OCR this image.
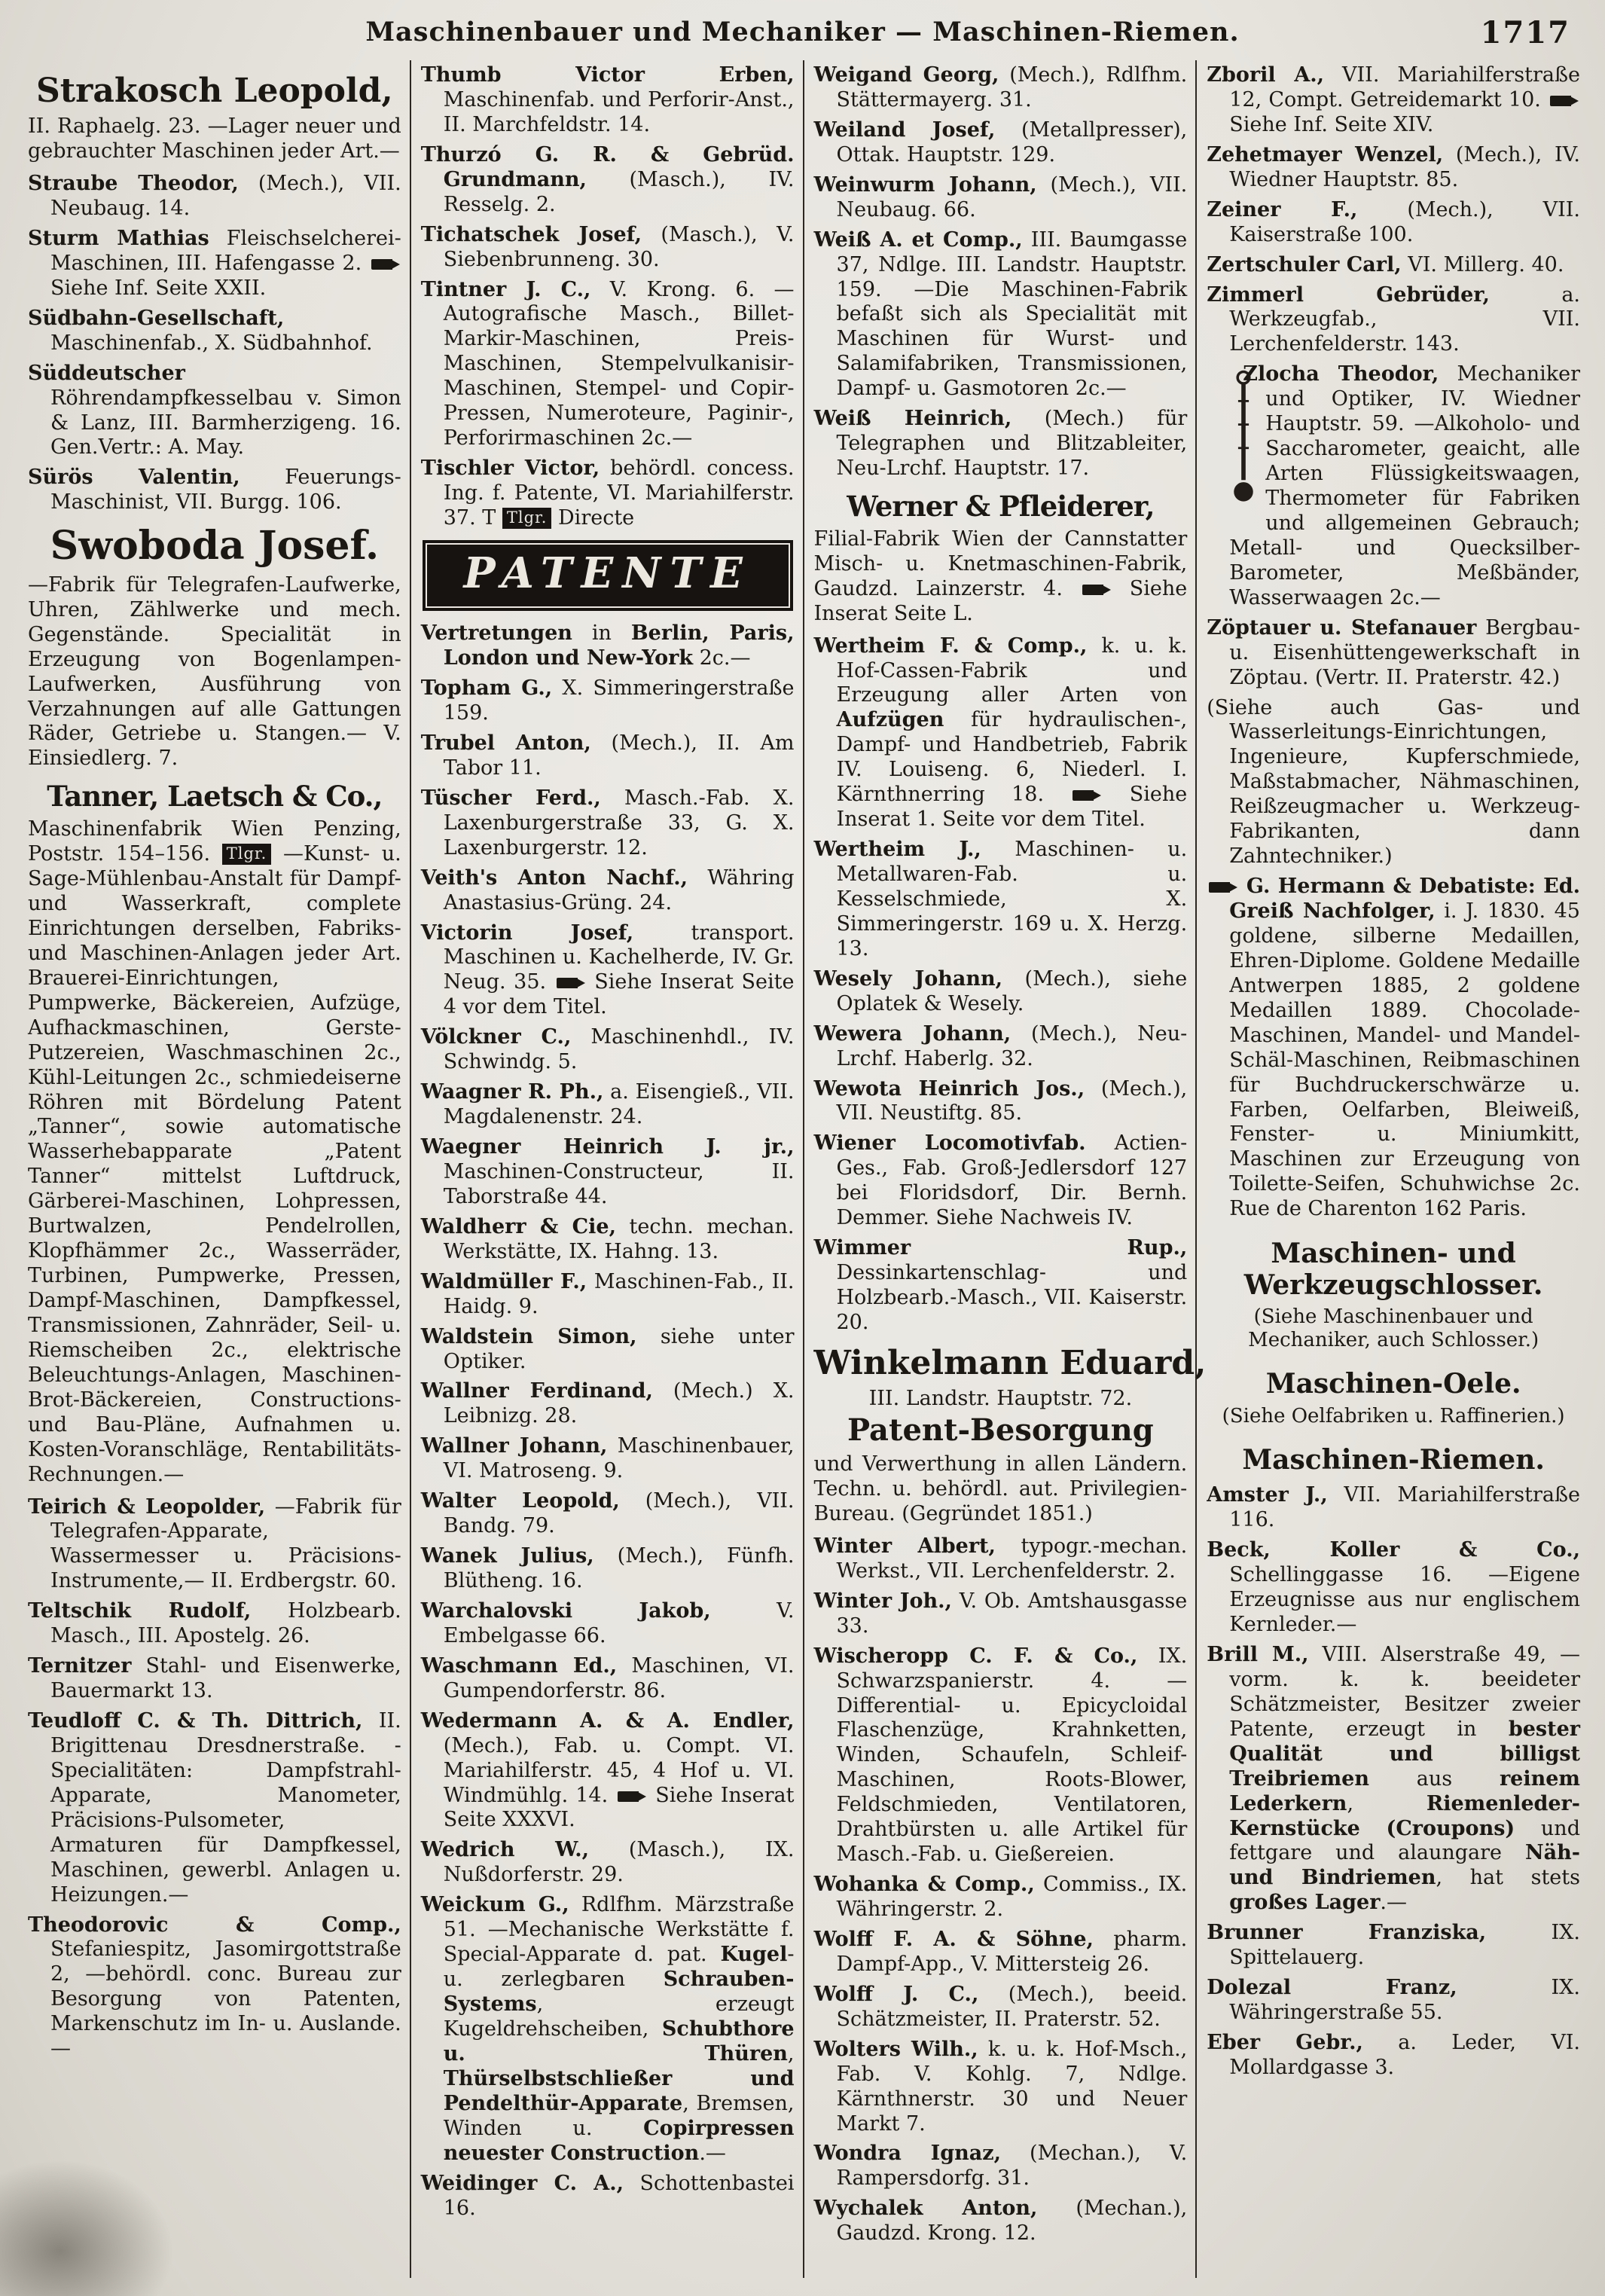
Maschinenbauer und Mechaniker — Maschinen-Riemen.	1717
Strakosch Leopold,
II. Raphaelg. 23. —Lager neuer und gebrauchter Maschinen jeder Art.—
Straube Theodor, (Mech.), VII. Neubaug. 14.
Sturm Mathias Fleischselcherei-Maschinen, III. Hafengasse 2.  Siehe Inf. Seite XXII.
Südbahn-Gesellschaft, Maschinenfab., X. Südbahnhof.
Süddeutscher Röhrendampfkesselbau v. Simon & Lanz, III. Barmherzigeng. 16. Gen.Vertr.: A. May.
Sürös Valentin, Feuerungs-Maschinist, VII. Burgg. 106.
Swoboda Josef.
—Fabrik für Telegrafen-Laufwerke, Uhren, Zählwerke und mech. Gegenstände. Specialität in Erzeugung von Bogenlampen-Laufwerken, Ausführung von Verzahnungen auf alle Gattungen Räder, Getriebe u. Stangen.— V. Einsiedlerg. 7.
Tanner, Laetsch & Co.,
Maschinenfabrik Wien Penzing, Poststr. 154–156. Tlgr. —Kunst- u. Sage-Mühlenbau-Anstalt für Dampf- und Wasserkraft, complete Einrichtungen derselben, Fabriks- und Maschinen-Anlagen jeder Art. Brauerei-Einrichtungen, Pumpwerke, Bäckereien, Aufzüge, Aufhackmaschinen, Gerste-Putzereien, Waschmaschinen 2c., Kühl-Leitungen 2c., schmiedeiserne Röhren mit Bördelung Patent „Tanner“, sowie automatische Wasserhebapparate „Patent Tanner“ mittelst Luftdruck, Gärberei-Maschinen, Lohpressen, Burtwalzen, Pendelrollen, Klopfhämmer 2c., Wasserräder, Turbinen, Pumpwerke, Pressen, Dampf-Maschinen, Dampfkessel, Transmissionen, Zahnräder, Seil- u. Riemscheiben 2c., elektrische Beleuchtungs-Anlagen, Maschinen-Brot-Bäckereien, Constructions- und Bau-Pläne, Aufnahmen u. Kosten-Voranschläge, Rentabilitäts-Rechnungen.—
Teirich & Leopolder, —Fabrik für Telegrafen-Apparate, Wassermesser u. Präcisions-Instrumente,— II. Erdbergstr. 60.
Teltschik Rudolf, Holzbearb. Masch., III. Apostelg. 26.
Ternitzer Stahl- und Eisenwerke, Bauermarkt 13.
Teudloff C. & Th. Dittrich, II. Brigittenau Dresdnerstraße. -Specialitäten: Dampfstrahl-Apparate, Manometer, Präcisions-Pulsometer, Armaturen für Dampfkessel, Maschinen, gewerbl. Anlagen u. Heizungen.—
Theodorovic & Comp., Stefaniespitz, Jasomirgottstraße 2, —behördl. conc. Bureau zur Besorgung von Patenten, Markenschutz im In- u. Auslande.—
Thumb Victor Erben, Maschinenfab. und Perforir-Anst., II. Marchfeldstr. 14.
Thurzó G. R. & Gebrüd. Grundmann, (Masch.), IV. Resselg. 2.
Tichatschek Josef, (Masch.), V. Siebenbrunneng. 30.
Tintner J. C., V. Krong. 6. —Autografische Masch., Billet-Markir-Maschinen, Preis-Maschinen, Stempelvulkanisir-Maschinen, Stempel- und Copir-Pressen, Numeroteure, Paginir-, Perforirmaschinen 2c.—
Tischler Victor, behördl. concess. Ing. f. Patente, VI. Mariahilferstr. 37. T Tlgr. Directe
PATENTE
Vertretungen in Berlin, Paris, London und New-York 2c.—
Topham G., X. Simmeringerstraße 159.
Trubel Anton, (Mech.), II. Am Tabor 11.
Tüscher Ferd., Masch.-Fab. X. Laxenburgerstraße 33, G. X. Laxenburgerstr. 12.
Veith's Anton Nachf., Währing Anastasius-Grüng. 24.
Victorin Josef,	transport. Maschinen u. Kachelherde, IV. Gr. Neug. 35. Siehe Inserat Seite 4 vor dem Titel.
Völckner C., Maschinenhdl., IV. Schwindg. 5.
Waagner R. Ph., a. Eisengieß., VII. Magdalenenstr. 24.
Waegner Heinrich J. jr., Maschinen-Constructeur, II. Taborstraße 44.
Waldherr & Cie, techn. mechan. Werkstätte, IX. Hahng. 13.
Waldmüller F., Maschinen-Fab., II. Haidg. 9.
Waldstein Simon, siehe unter Optiker.
Wallner Ferdinand, (Mech.) X. Leibnizg. 28.
Wallner Johann, Maschinenbauer, VI. Matroseng. 9.
Walter Leopold, (Mech.), VII. Bandg. 79.
Wanek Julius, (Mech.), Fünfh. Blütheng. 16.
Warchalovski Jakob,	V. Embelgasse 66.
Waschmann Ed., Maschinen, VI. Gumpendorferstr. 86.
Wedermann A. & A. Endler, (Mech.), Fab. u. Compt. VI. Mariahilferstr. 45, 4 Hof u. VI. Windmühlg. 14. Siehe Inserat Seite XXXVI.
Wedrich W., (Masch.), IX. Nußdorferstr. 29.
Weickum G., Rdlfhm. Märzstraße 51. —Mechanische Werkstätte f. Special-Apparate d. pat. Kugel- u. zerlegbaren Schrauben-Systems, erzeugt Kugeldrehscheiben, Schubthore u. Thüren, Thürselbstschließer und Pendelthür-Apparate, Bremsen, Winden u. Copirpressen neuester Construction.—
Weidinger C. A., Schottenbastei 16.
Weigand Georg, (Mech.), Rdlfhm. Stättermayerg. 31.
Weiland Josef, (Metallpresser), Ottak. Hauptstr. 129.
Weinwurm Johann, (Mech.), VII. Neubaug. 66.
Weiß A. et Comp., III. Baumgasse 37, Ndlge. III. Landstr. Hauptstr. 159. —Die Maschinen-Fabrik befaßt sich als Specialität mit Maschinen für Wurst- und Salamifabriken, Transmissionen, Dampf- u. Gasmotoren 2c.—
Weiß Heinrich, (Mech.) für Telegraphen und Blitzableiter, Neu-Lrchf. Hauptstr. 17.
Werner & Pfleiderer,
Filial-Fabrik Wien der Cannstatter Misch- u. Knetmaschinen-Fabrik, Gaudzd. Lainzerstr. 4.  Siehe Inserat Seite L.
Wertheim F. & Comp., k. u. k. Hof-Cassen-Fabrik und Erzeugung aller Arten von Aufzügen für hydraulischen-, Dampf- und Handbetrieb, Fabrik IV. Louiseng. 6, Niederl. I. Kärnthnerring 18.	Siehe Inserat 1. Seite vor dem Titel.
Wertheim J., Maschinen- u. Metallwaren-Fab. u. Kesselschmiede, X. Simmeringerstr. 169 u. X. Herzg. 13.
Wesely Johann, (Mech.), siehe Oplatek & Wesely.
Wewera Johann, (Mech.), Neu-Lrchf. Haberlg. 32.
Wewota Heinrich Jos., (Mech.), VII. Neustiftg. 85.
Wiener Locomotivfab. Actien-Ges., Fab. Groß-Jedlersdorf 127 bei Floridsdorf, Dir. Bernh. Demmer. Siehe Nachweis IV.
Wimmer Rup., Dessinkartenschlag- und Holzbearb.-Masch., VII. Kaiserstr. 20.
Winkelmann Eduard,
III. Landstr. Hauptstr. 72.
Patent-Besorgung
und Verwerthung in allen Ländern. Techn. u. behördl. aut. Privilegien-Bureau. (Gegründet 1851.)
Winter Albert, typogr.-mechan. Werkst., VII. Lerchenfelderstr. 2.
Winter Joh., V. Ob. Amtshausgasse 33.
Wischeropp C. F. & Co., IX. Schwarzspanierstr. 4. —Differential- u. Epicycloidal Flaschenzüge, Krahnketten, Winden, Schaufeln, Schleif-Maschinen, Roots-Blower, Feldschmieden, Ventilatoren, Drahtbürsten u. alle Artikel für Masch.-Fab. u. Gießereien.
Wohanka & Comp., Commiss., IX. Währingerstr. 2.
Wolff F. A. & Söhne, pharm. Dampf-App., V. Mittersteig 26.
Wolff J. C., (Mech.), beeid. Schätzmeister, II. Praterstr. 52.
Wolters Wilh., k. u. k. Hof-Msch., Fab. V. Kohlg. 7, Ndlge. Kärnthnerstr. 30 und Neuer Markt 7.
Wondra Ignaz, (Mechan.), V. Rampersdorfg. 31.
Wychalek Anton, (Mechan.), Gaudzd. Krong. 12.
Zboril A., VII. Mariahilferstraße 12, Compt. Getreidemarkt 10.  Siehe Inf. Seite XIV.
Zehetmayer Wenzel, (Mech.), IV. Wiedner Hauptstr. 85.
Zeiner F., (Mech.), VII. Kaiserstraße 100.
Zertschuler Carl, VI. Millerg. 40.
Zimmerl Gebrüder,	a. Werkzeugfab., VII. Lerchenfelderstr. 143.
Zlocha Theodor, Mechaniker und Optiker, IV. Wiedner Hauptstr. 59. —Alkoholo- und Saccharometer, geaicht, alle Arten Flüssigkeitswaagen, Thermometer für Fabriken und allgemeinen Gebrauch; Metall- und Quecksilber-Barometer, Meßbänder, Wasserwaagen 2c.—
Zöptauer u. Stefanauer Bergbau- u. Eisenhüttengewerkschaft in Zöptau. (Vertr. II. Praterstr. 42.)
(Siehe auch Gas- und Wasserleitungs-Einrichtungen, Ingenieure, Kupferschmiede, Maßstabmacher, Nähmaschinen, Reißzeugmacher u. Werkzeug-Fabrikanten, dann Zahntechniker.)
G. Hermann & Debatiste: Ed. Greiß Nachfolger, i. J. 1830. 45 goldene, silberne Medaillen, Ehren-Diplome. Goldene Medaille Antwerpen 1885, 2 goldene Medaillen 1889. Chocolade-Maschinen, Mandel- und Mandel-Schäl-Maschinen, Reibmaschinen für Buchdruckerschwärze u. Farben, Oelfarben, Bleiweiß, Fenster- u. Miniumkitt, Maschinen zur Erzeugung von Toilette-Seifen, Schuhwichse 2c. Rue de Charenton 162 Paris.
Maschinen- und Werkzeugschlosser.
(Siehe Maschinenbauer und Mechaniker, auch Schlosser.)
Maschinen-Oele.
(Siehe Oelfabriken u. Raffinerien.)
Maschinen-Riemen.
Amster J., VII. Mariahilferstraße 116.
Beck, Koller & Co., Schellinggasse 16. —Eigene Erzeugnisse aus nur englischem Kernleder.—
Brill M., VIII. Alserstraße 49, —vorm. k. k. beeideter Schätzmeister, Besitzer zweier Patente, erzeugt in bester Qualität und billigst Treibriemen aus reinem Lederkern, Riemenleder-Kernstücke (Croupons) und fettgare und alaungare Näh- und Bindriemen, hat stets großes Lager.—
Brunner Franziska,	IX. Spittelauerg.
Dolezal Franz,	IX. Währingerstraße 55.
Eber Gebr., a. Leder, VI. Mollardgasse 3.
